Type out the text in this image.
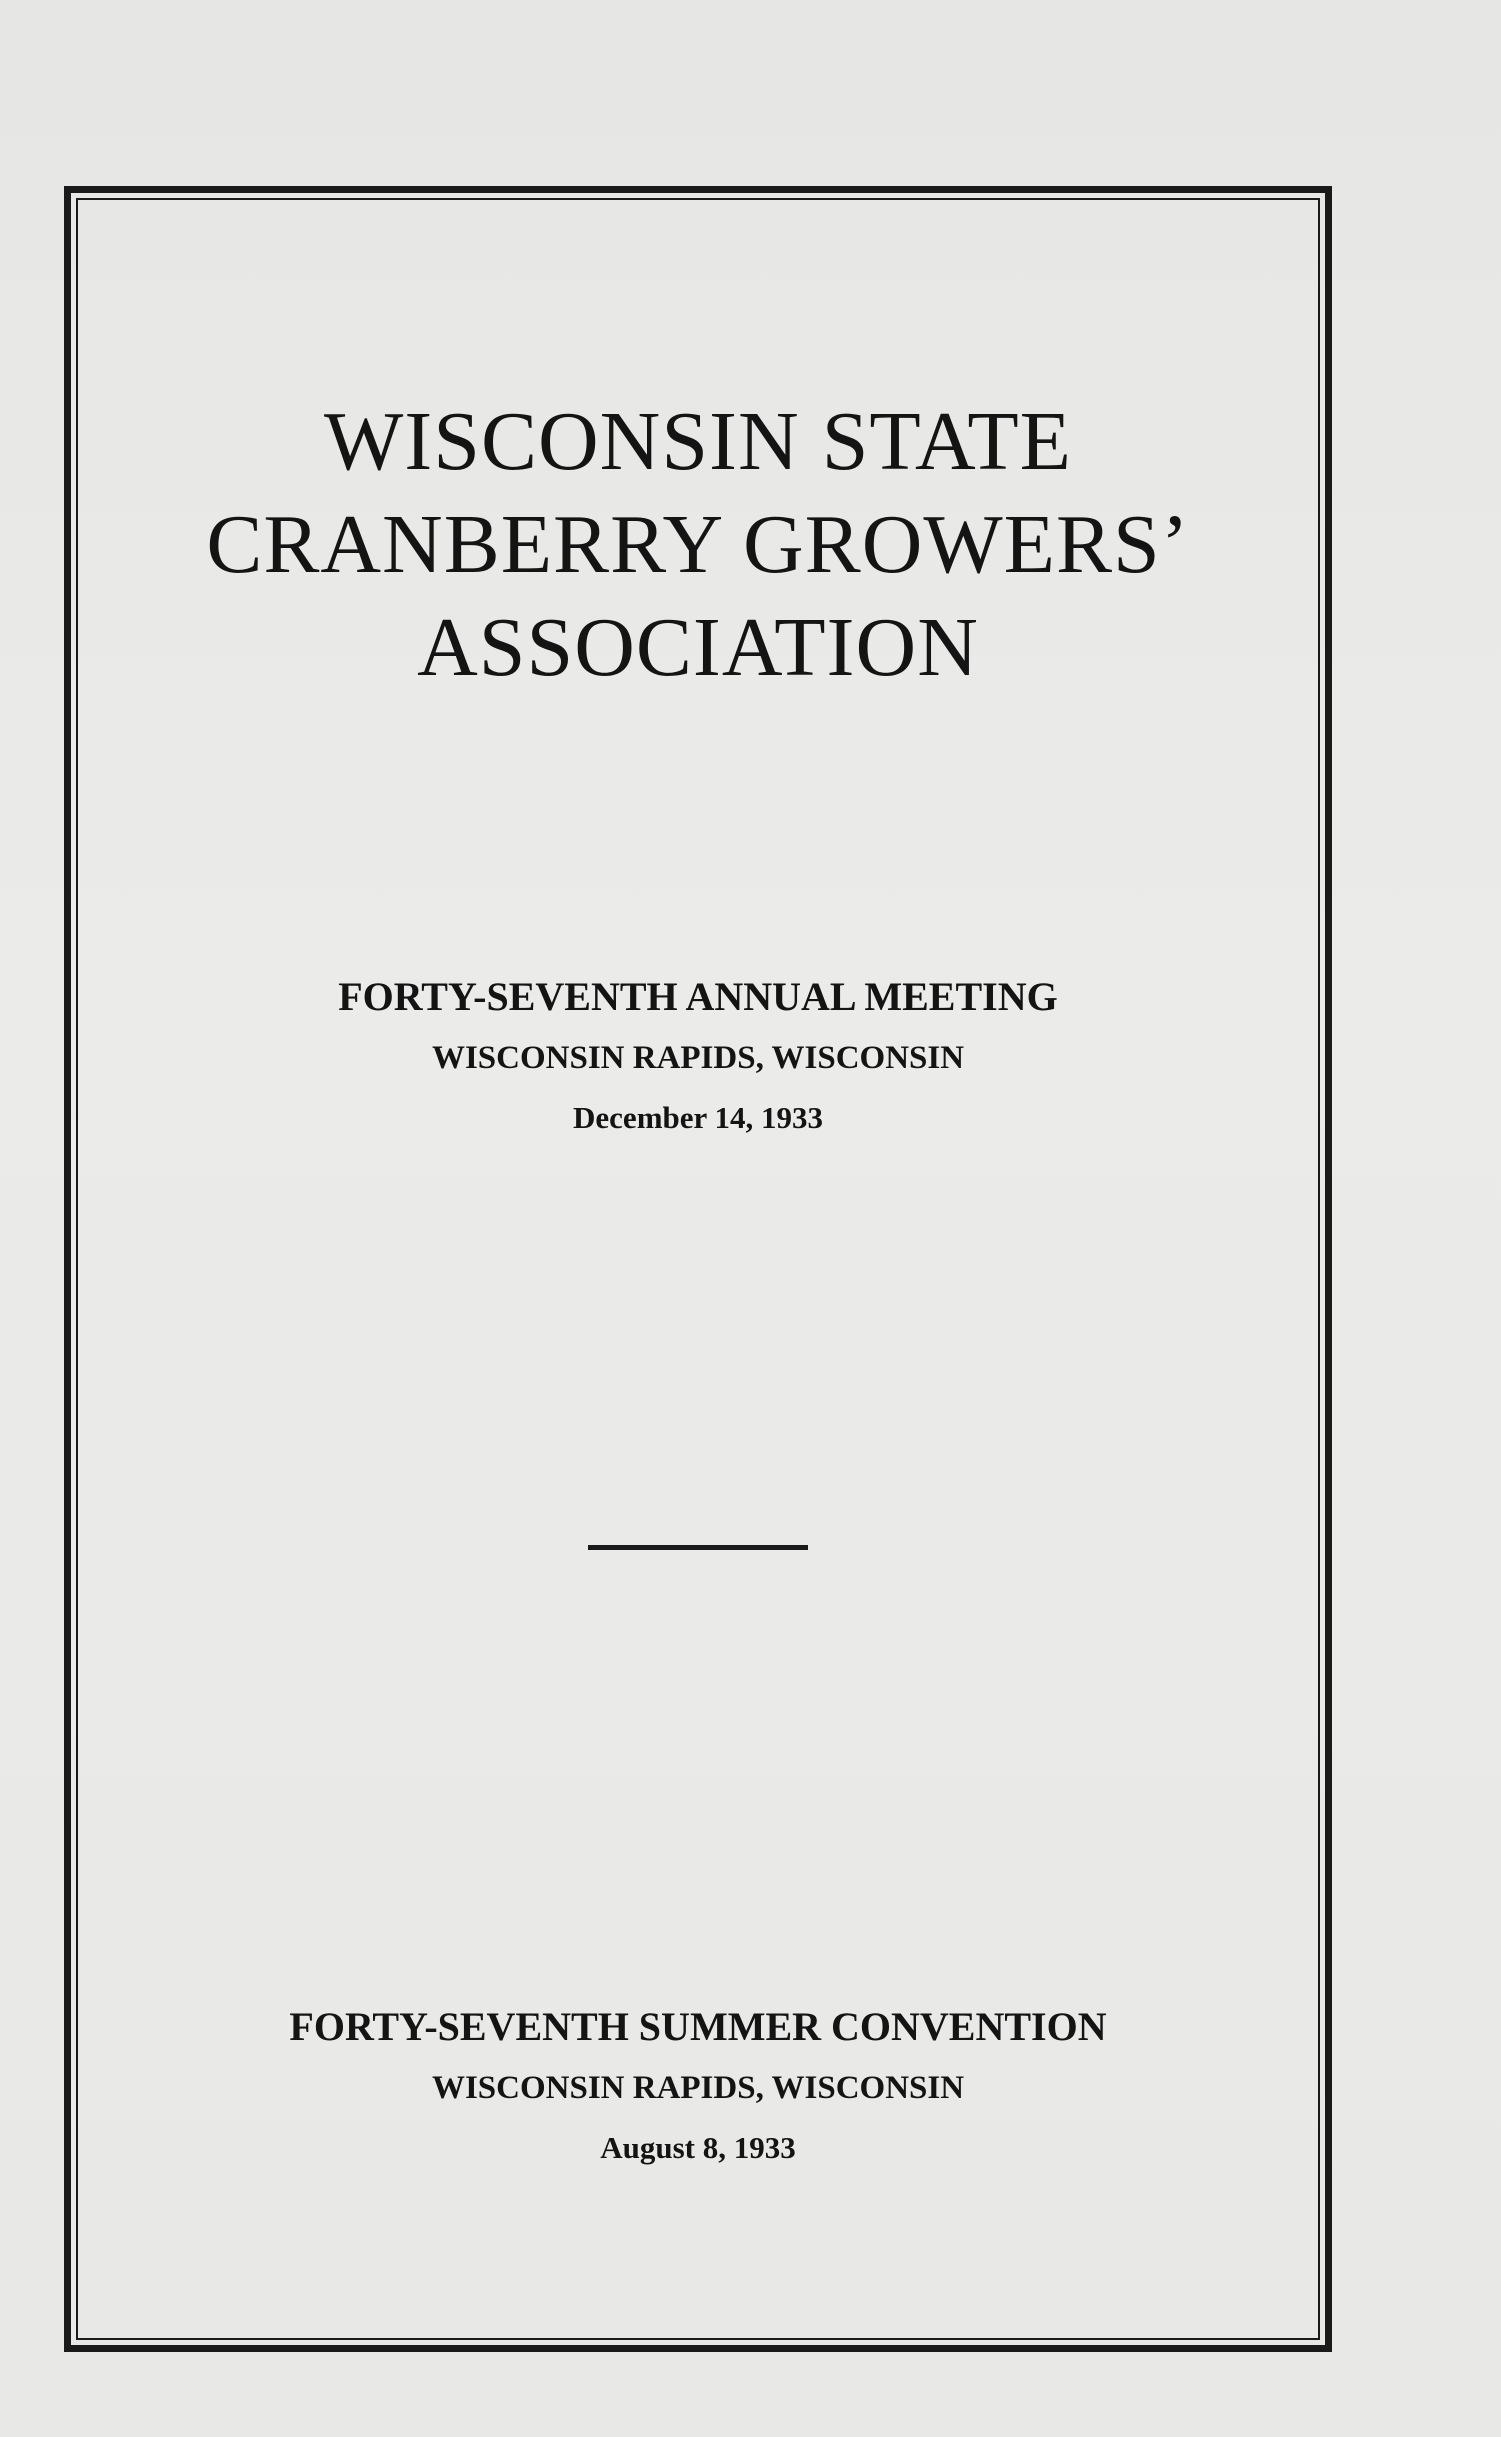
WISCONSIN STATE
CRANBERRY GROWERS’
ASSOCIATION
FORTY-SEVENTH ANNUAL MEETING
WISCONSIN RAPIDS, WISCONSIN
December 14, 1933
FORTY-SEVENTH SUMMER CONVENTION
WISCONSIN RAPIDS, WISCONSIN
August 8, 1933
